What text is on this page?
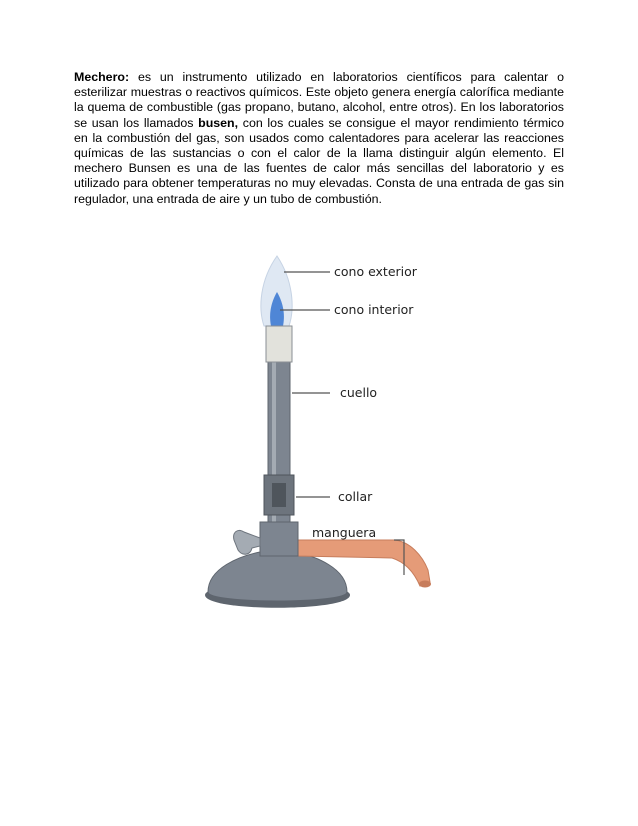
Mechero: es un instrumento utilizado en laboratorios científicos para calentar o esterilizar muestras o reactivos químicos. Este objeto genera energía calorífica mediante la quema de combustible (gas propano, butano, alcohol, entre otros). En los laboratorios se usan los llamados busen, con los cuales se consigue el mayor rendimiento térmico en la combustión del gas, son usados como calentadores para acelerar las reacciones químicas de las sustancias o con el calor de la llama distinguir algún elemento. El mechero Bunsen es una de las fuentes de calor más sencillas del laboratorio y es utilizado para obtener temperaturas no muy elevadas. Consta de una entrada de gas sin regulador, una entrada de aire y un tubo de combustión.

cono exterior
cono interior
cuello
collar
manguera
